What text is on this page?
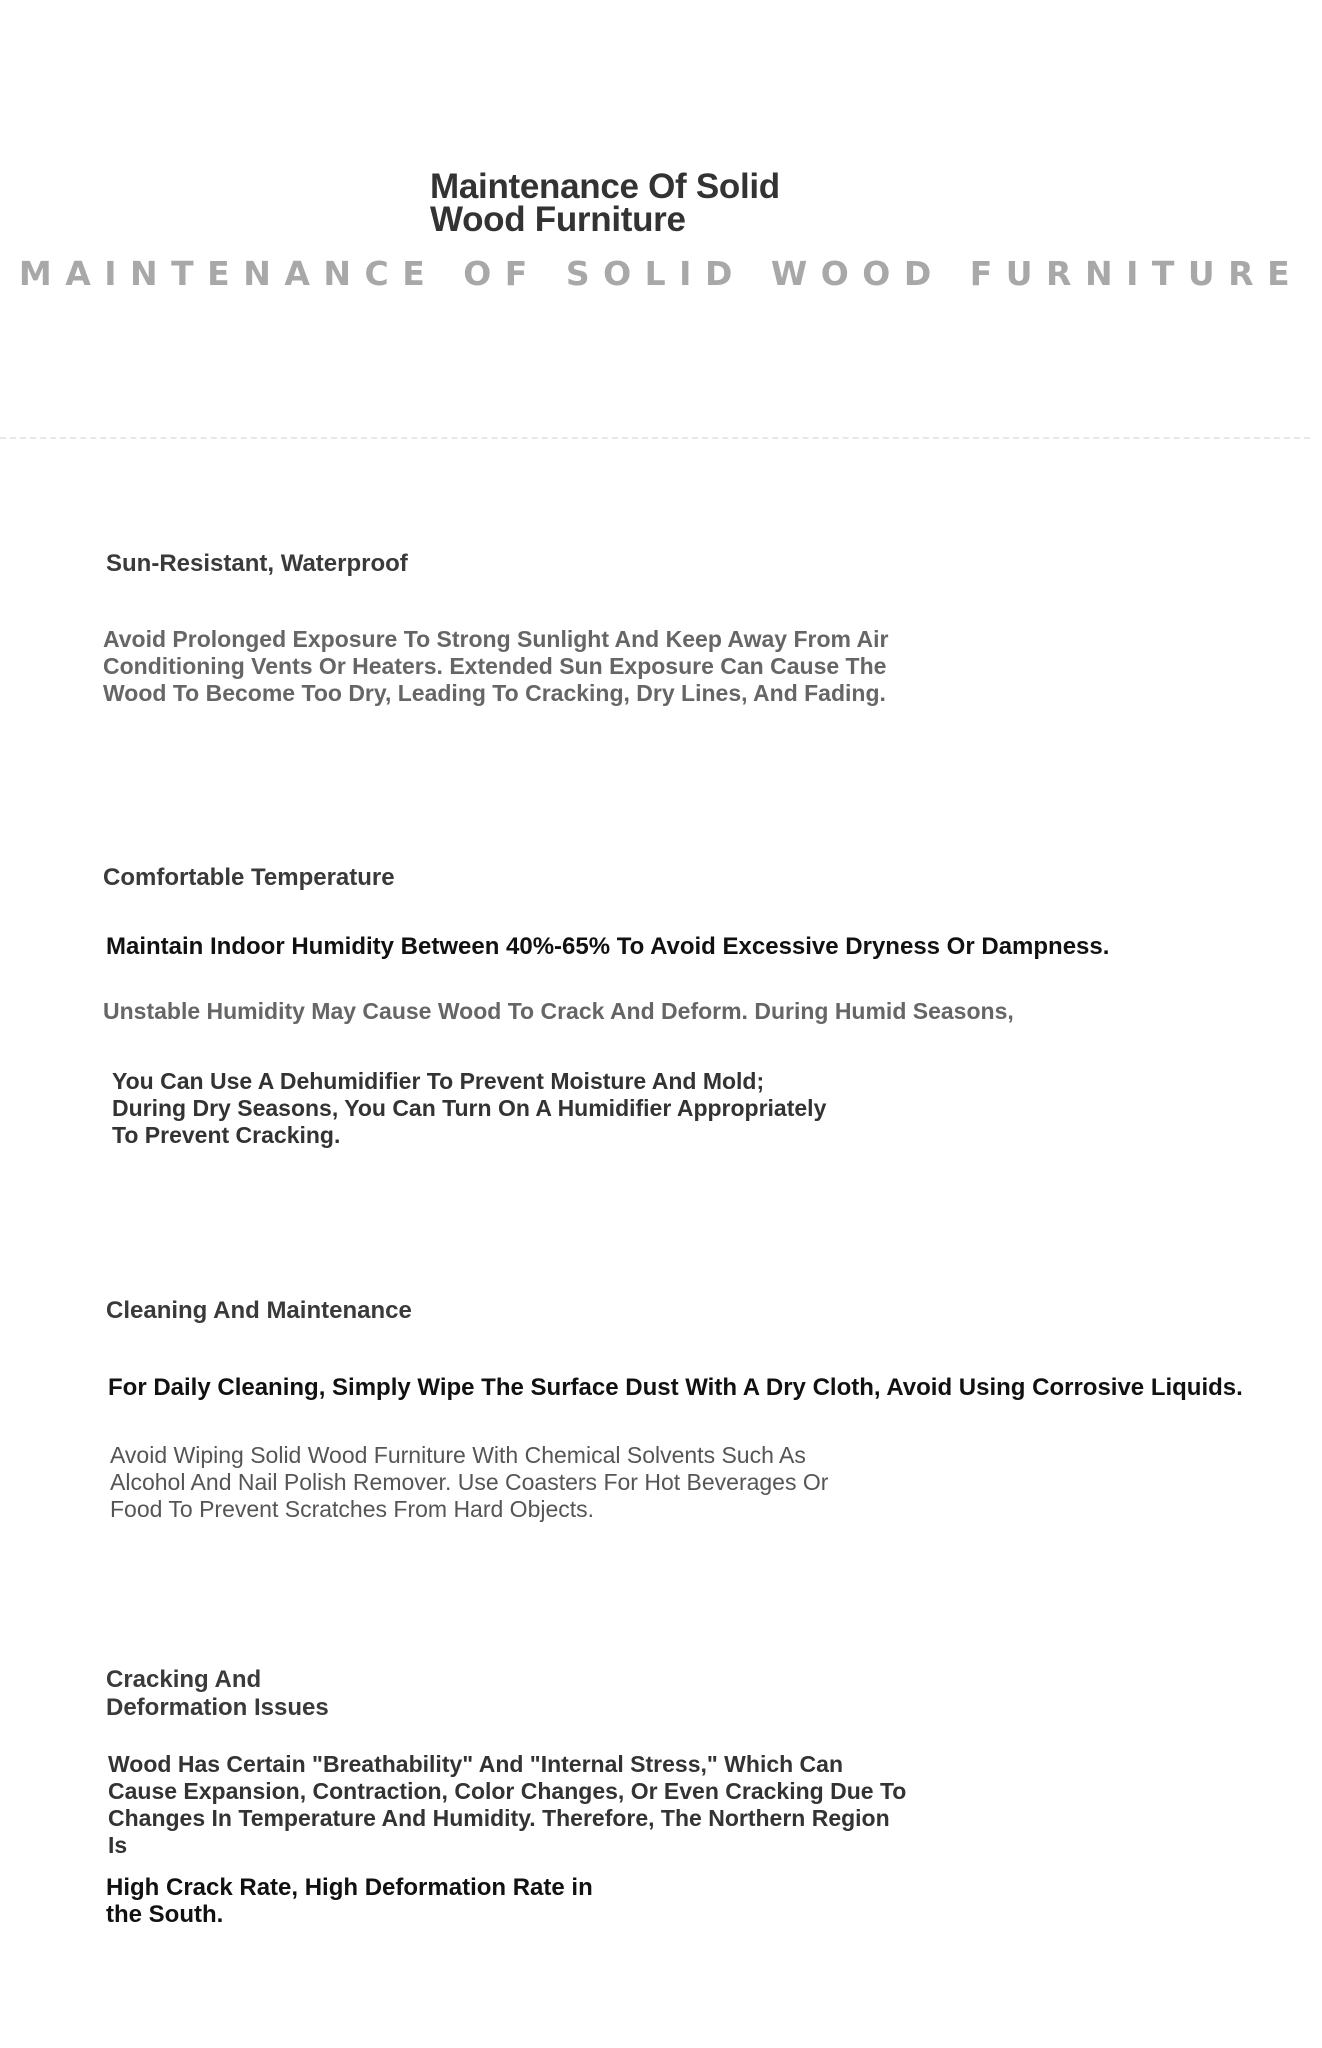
Maintenance Of Solid
Wood Furniture
MAINTENANCE OF SOLID WOOD FURNITURE
Sun-Resistant, Waterproof
Avoid Prolonged Exposure To Strong Sunlight And Keep Away From Air
Conditioning Vents Or Heaters. Extended Sun Exposure Can Cause The
Wood To Become Too Dry, Leading To Cracking, Dry Lines, And Fading.
Comfortable Temperature
Maintain Indoor Humidity Between 40%-65% To Avoid Excessive Dryness Or Dampness.
Unstable Humidity May Cause Wood To Crack And Deform. During Humid Seasons,
You Can Use A Dehumidifier To Prevent Moisture And Mold;
During Dry Seasons, You Can Turn On A Humidifier Appropriately
To Prevent Cracking.
Cleaning And Maintenance
For Daily Cleaning, Simply Wipe The Surface Dust With A Dry Cloth, Avoid Using Corrosive Liquids.
Avoid Wiping Solid Wood Furniture With Chemical Solvents Such As
Alcohol And Nail Polish Remover. Use Coasters For Hot Beverages Or
Food To Prevent Scratches From Hard Objects.
Cracking And
Deformation Issues
Wood Has Certain "Breathability" And "Internal Stress," Which Can
Cause Expansion, Contraction, Color Changes, Or Even Cracking Due To
Changes In Temperature And Humidity. Therefore, The Northern Region
Is
High Crack Rate, High Deformation Rate in
the South.
